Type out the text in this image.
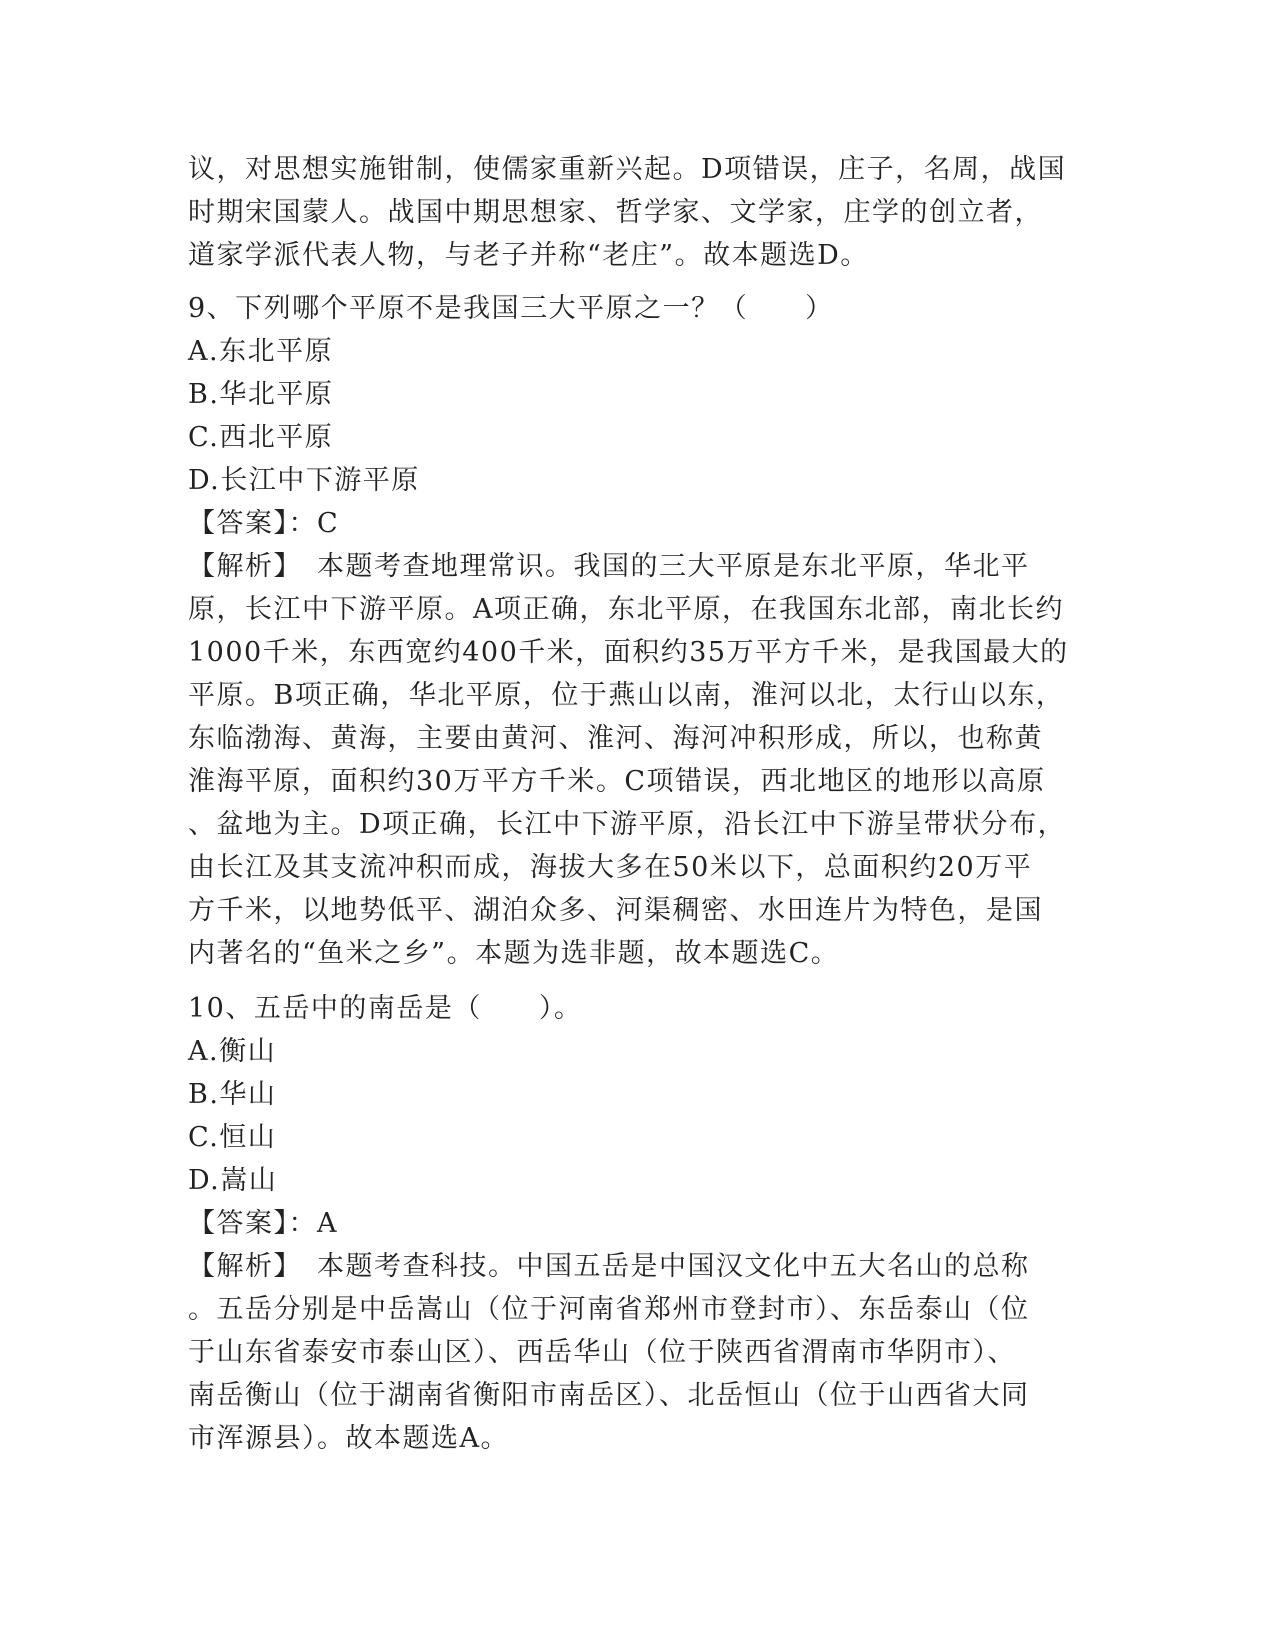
议，对思想实施钳制，使儒家重新兴起。D项错误，庄子，名周，战国
时期宋国蒙人。战国中期思想家、哲学家、文学家，庄学的创立者，
道家学派代表人物，与老子并称“老庄”。故本题选D。
9、下列哪个平原不是我国三大平原之一？（　　）
A.东北平原
B.华北平原
C.西北平原
D.长江中下游平原
【答案】：C
【解析】　本题考查地理常识。我国的三大平原是东北平原，华北平
原，长江中下游平原。A项正确，东北平原，在我国东北部，南北长约
1000千米，东西宽约400千米，面积约35万平方千米，是我国最大的
平原。B项正确，华北平原，位于燕山以南，淮河以北，太行山以东，
东临渤海、黄海，主要由黄河、淮河、海河冲积形成，所以，也称黄
淮海平原，面积约30万平方千米。C项错误，西北地区的地形以高原
、盆地为主。D项正确，长江中下游平原，沿长江中下游呈带状分布，
由长江及其支流冲积而成，海拔大多在50米以下，总面积约20万平
方千米，以地势低平、湖泊众多、河渠稠密、水田连片为特色，是国
内著名的“鱼米之乡”。本题为选非题，故本题选C。
10、五岳中的南岳是（　　）。
A.衡山
B.华山
C.恒山
D.嵩山
【答案】：A
【解析】　本题考查科技。中国五岳是中国汉文化中五大名山的总称
。五岳分别是中岳嵩山（位于河南省郑州市登封市）、东岳泰山（位
于山东省泰安市泰山区）、西岳华山（位于陕西省渭南市华阴市）、
南岳衡山（位于湖南省衡阳市南岳区）、北岳恒山（位于山西省大同
市浑源县）。故本题选A。
